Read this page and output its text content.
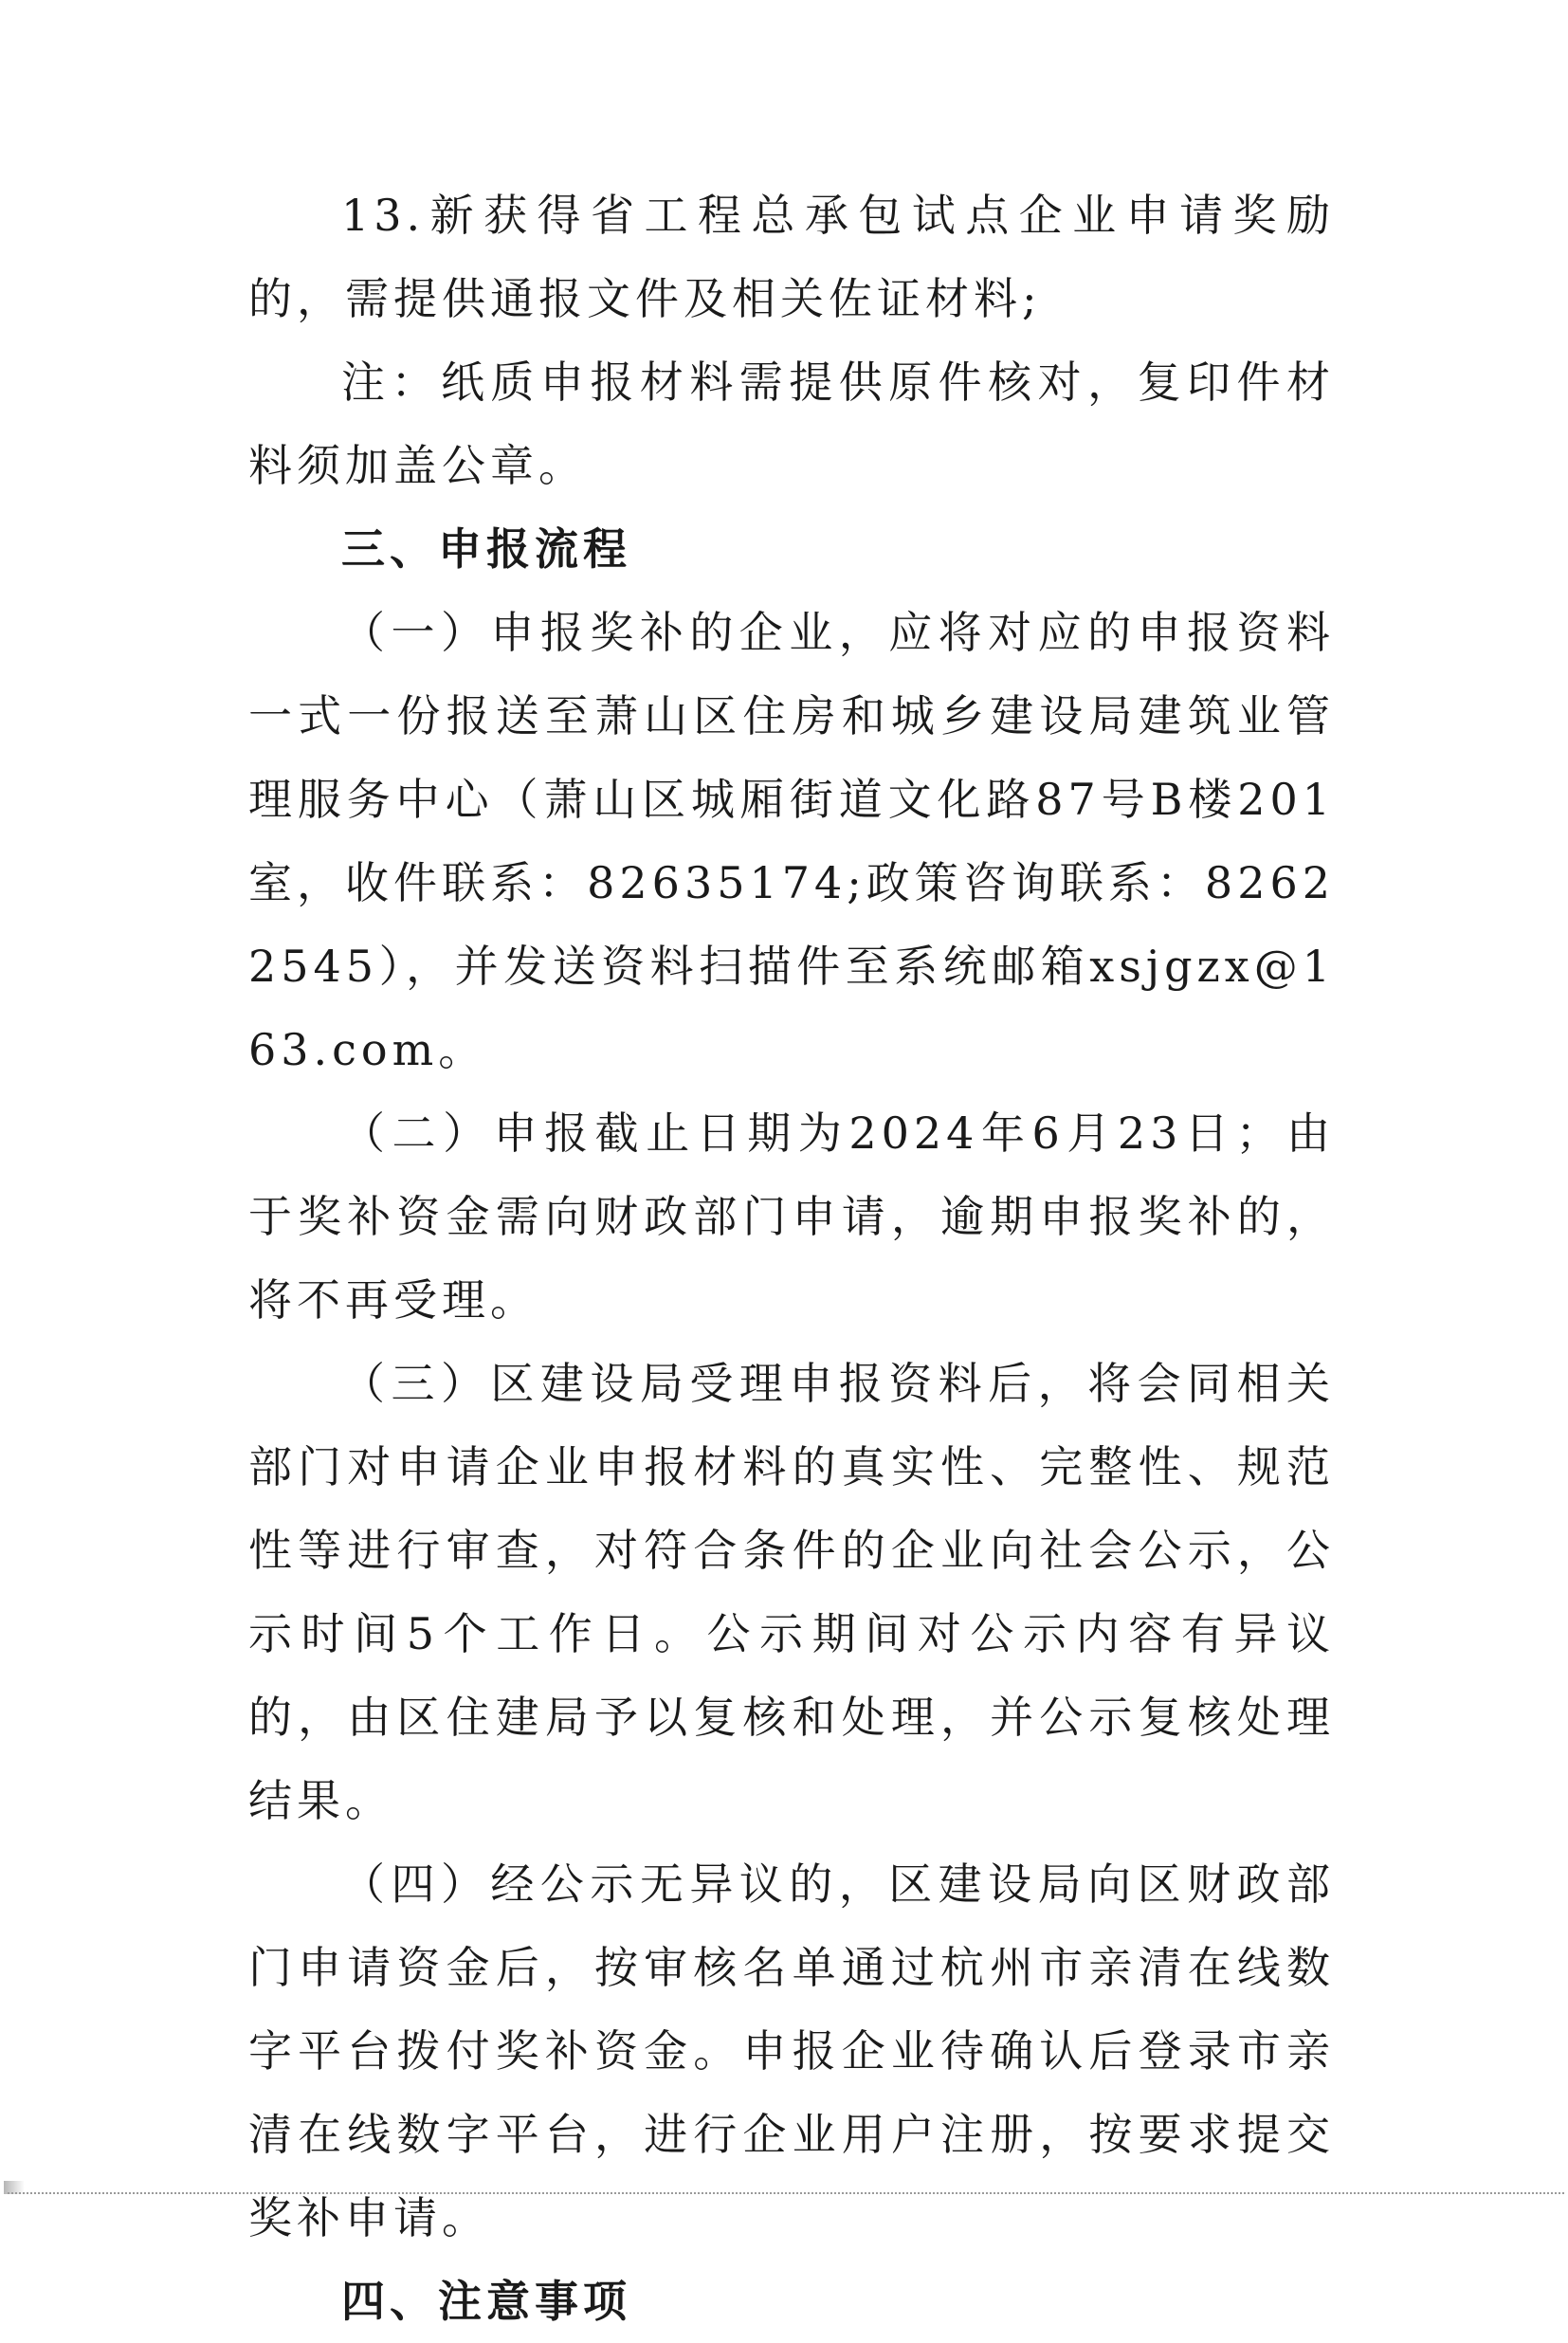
13.新获得省工程总承包试点企业申请奖励的，需提供通报文件及相关佐证材料;

注：纸质申报材料需提供原件核对，复印件材料须加盖公章。

三、申报流程

（一）申报奖补的企业，应将对应的申报资料一式一份报送至萧山区住房和城乡建设局建筑业管理服务中心（萧山区城厢街道文化路87号B楼201室，收件联系：82635174;政策咨询联系：82622545），并发送资料扫描件至系统邮箱xsjgzx@163.com。

（二）申报截止日期为2024年6月23日；由于奖补资金需向财政部门申请，逾期申报奖补的，将不再受理。

（三）区建设局受理申报资料后，将会同相关部门对申请企业申报材料的真实性、完整性、规范性等进行审查，对符合条件的企业向社会公示，公示时间5个工作日。公示期间对公示内容有异议的，由区住建局予以复核和处理，并公示复核处理结果。

（四）经公示无异议的，区建设局向区财政部门申请资金后，按审核名单通过杭州市亲清在线数字平台拨付奖补资金。申报企业待确认后登录市亲清在线数字平台，进行企业用户注册，按要求提交奖补申请。

四、注意事项
